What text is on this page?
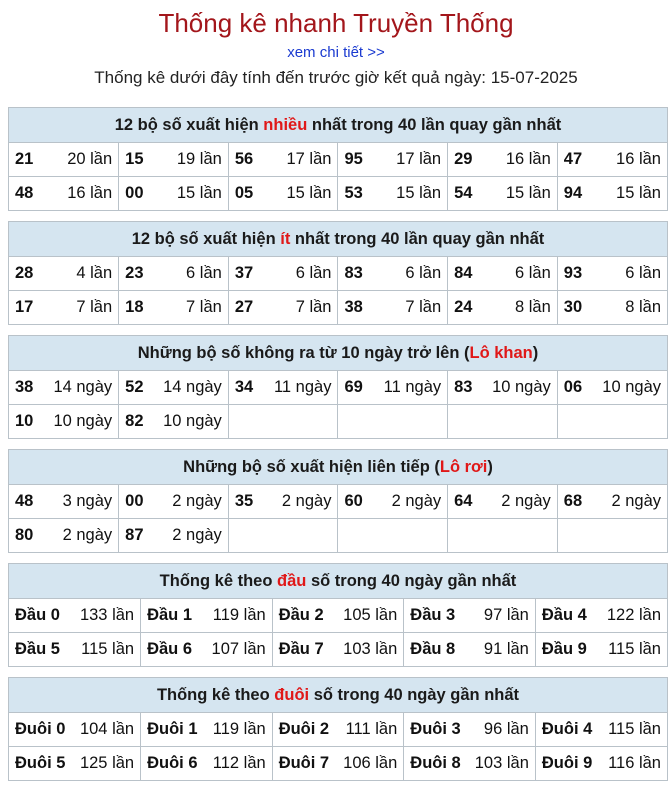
Thống kê nhanh Truyền Thống
xem chi tiết >>
Thống kê dưới đây tính đến trước giờ kết quả ngày: 15-07-2025
12 bộ số xuất hiện nhiều nhất trong 40 lần quay gần nhất
21 20 lần	15 19 lần	56 17 lần	95 17 lần	29 16 lần	47 16 lần

48 16 lần	00 15 lần	05 15 lần	53 15 lần	54 15 lần	94 15 lần
12 bộ số xuất hiện ít nhất trong 40 lần quay gần nhất
28 4 lần	23 6 lần	37 6 lần	83 6 lần	84 6 lần	93 6 lần

17 7 lần	18 7 lần	27 7 lần	38 7 lần	24 8 lần	30 8 lần
Những bộ số không ra từ 10 ngày trở lên (Lô khan)
38 14 ngày	52 14 ngày	34 11 ngày	69 11 ngày	83 10 ngày	06 10 ngày

10 10 ngày	82 10 ngày				

Những bộ số xuất hiện liên tiếp (Lô rơi)
48 3 ngày	00 2 ngày	35 2 ngày	60 2 ngày	64 2 ngày	68 2 ngày

80 2 ngày	87 2 ngày				

Thống kê theo đầu số trong 40 ngày gần nhất
Đầu 0 133 lần	Đầu 1 119 lần	Đầu 2 105 lần	Đầu 3 97 lần	Đầu 4 122 lần

Đầu 5 115 lần	Đầu 6 107 lần	Đầu 7 103 lần	Đầu 8 91 lần	Đầu 9 115 lần
Thống kê theo đuôi số trong 40 ngày gần nhất
Đuôi 0 104 lần	Đuôi 1 119 lần	Đuôi 2 111 lần	Đuôi 3 96 lần	Đuôi 4 115 lần

Đuôi 5 125 lần	Đuôi 6 112 lần	Đuôi 7 106 lần	Đuôi 8 103 lần	Đuôi 9 116 lần
